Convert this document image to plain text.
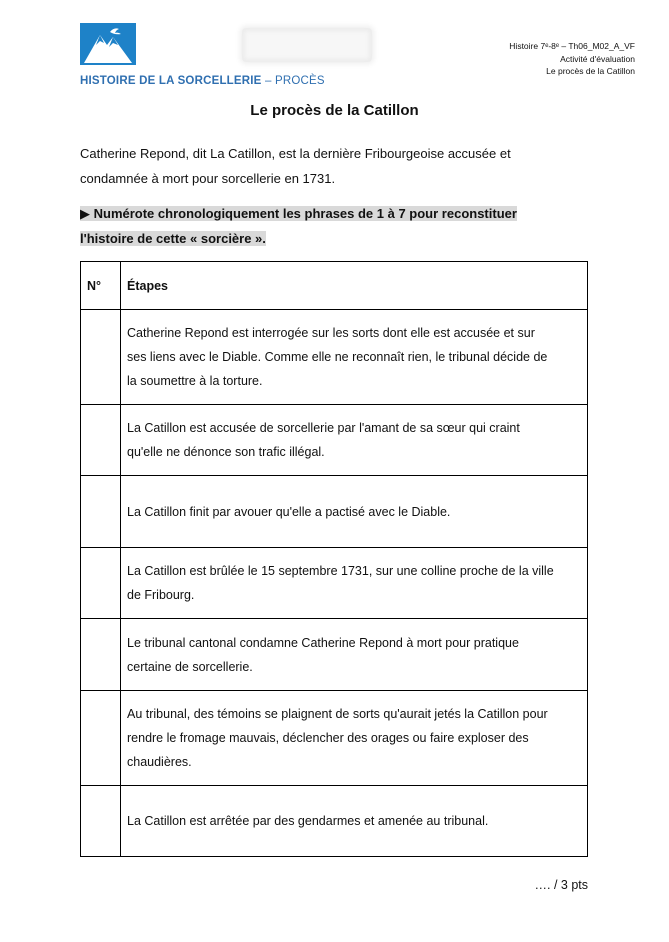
HISTOIRE DE LA SORCELLERIE – PROCÈS
Histoire 7ᵉ-8ᵉ – Th06_M02_A_VF
Activité d'évaluation
Le procès de la Catillon
Le procès de la Catillon
Catherine Repond, dit La Catillon, est la dernière Fribourgeoise accusée et condamnée à mort pour sorcellerie en 1731.
▶ Numérote chronologiquement les phrases de 1 à 7 pour reconstituer l'histoire de cette « sorcière ».
N°	Étapes
	Catherine Repond est interrogée sur les sorts dont elle est accusée et sur ses liens avec le Diable. Comme elle ne reconnaît rien, le tribunal décide de la soumettre à la torture.
	La Catillon est accusée de sorcellerie par l'amant de sa sœur qui craint qu'elle ne dénonce son trafic illégal.
	La Catillon finit par avouer qu'elle a pactisé avec le Diable.
	La Catillon est brûlée le 15 septembre 1731, sur une colline proche de la ville de Fribourg.
	Le tribunal cantonal condamne Catherine Repond à mort pour pratique certaine de sorcellerie.
	Au tribunal, des témoins se plaignent de sorts qu'aurait jetés la Catillon pour rendre le fromage mauvais, déclencher des orages ou faire exploser des chaudières.
	La Catillon est arrêtée par des gendarmes et amenée au tribunal.
…. / 3 pts
